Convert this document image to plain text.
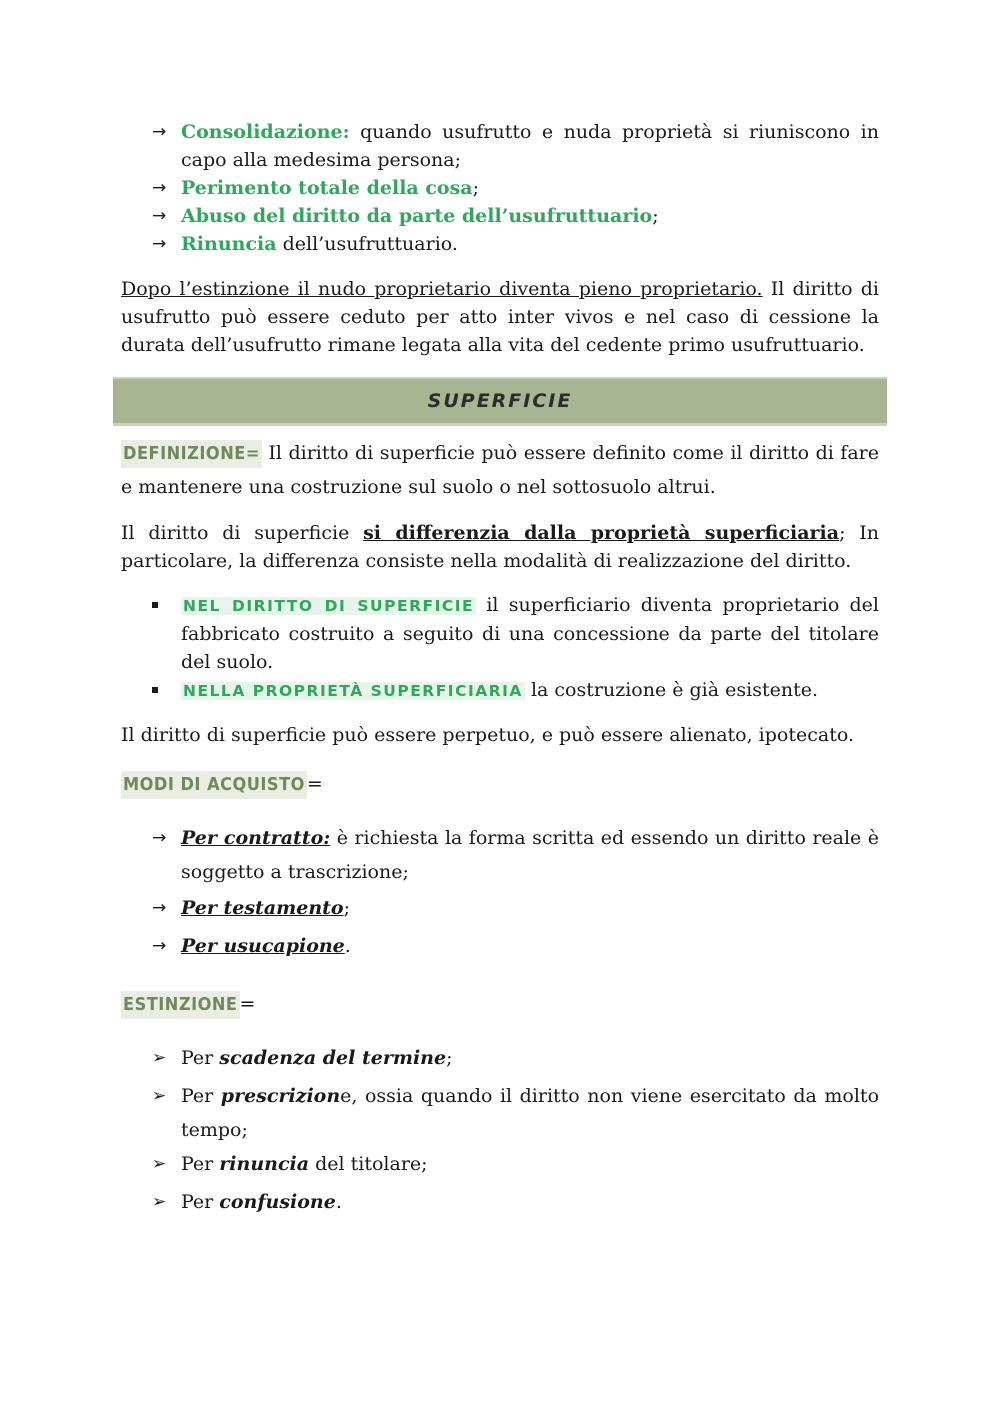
→ Consolidazione: quando usufrutto e nuda proprietà si riuniscono in capo alla medesima persona;
→ Perimento totale della cosa;
→ Abuso del diritto da parte dell’usufruttuario;
→ Rinuncia dell’usufruttuario.

Dopo l’estinzione il nudo proprietario diventa pieno proprietario. Il diritto di usufrutto può essere ceduto per atto inter vivos e nel caso di cessione la durata dell’usufrutto rimane legata alla vita del cedente primo usufruttuario.

SUPERFICIE

DEFINIZIONE= Il diritto di superficie può essere definito come il diritto di fare e mantenere una costruzione sul suolo o nel sottosuolo altrui.

Il diritto di superficie si differenzia dalla proprietà superficiaria; In particolare, la differenza consiste nella modalità di realizzazione del diritto.

NEL DIRITTO DI SUPERFICIE il superficiario diventa proprietario del fabbricato costruito a seguito di una concessione da parte del titolare del suolo.
NELLA PROPRIETÀ SUPERFICIARIA la costruzione è già esistente.

Il diritto di superficie può essere perpetuo, e può essere alienato, ipotecato.

MODI DI ACQUISTO =
→ Per contratto: è richiesta la forma scritta ed essendo un diritto reale è soggetto a trascrizione;
→ Per testamento;
→ Per usucapione.
ESTINZIONE =
➢ Per scadenza del termine;
➢ Per prescrizione, ossia quando il diritto non viene esercitato da molto tempo;
➢ Per rinuncia del titolare;
➢ Per confusione.
